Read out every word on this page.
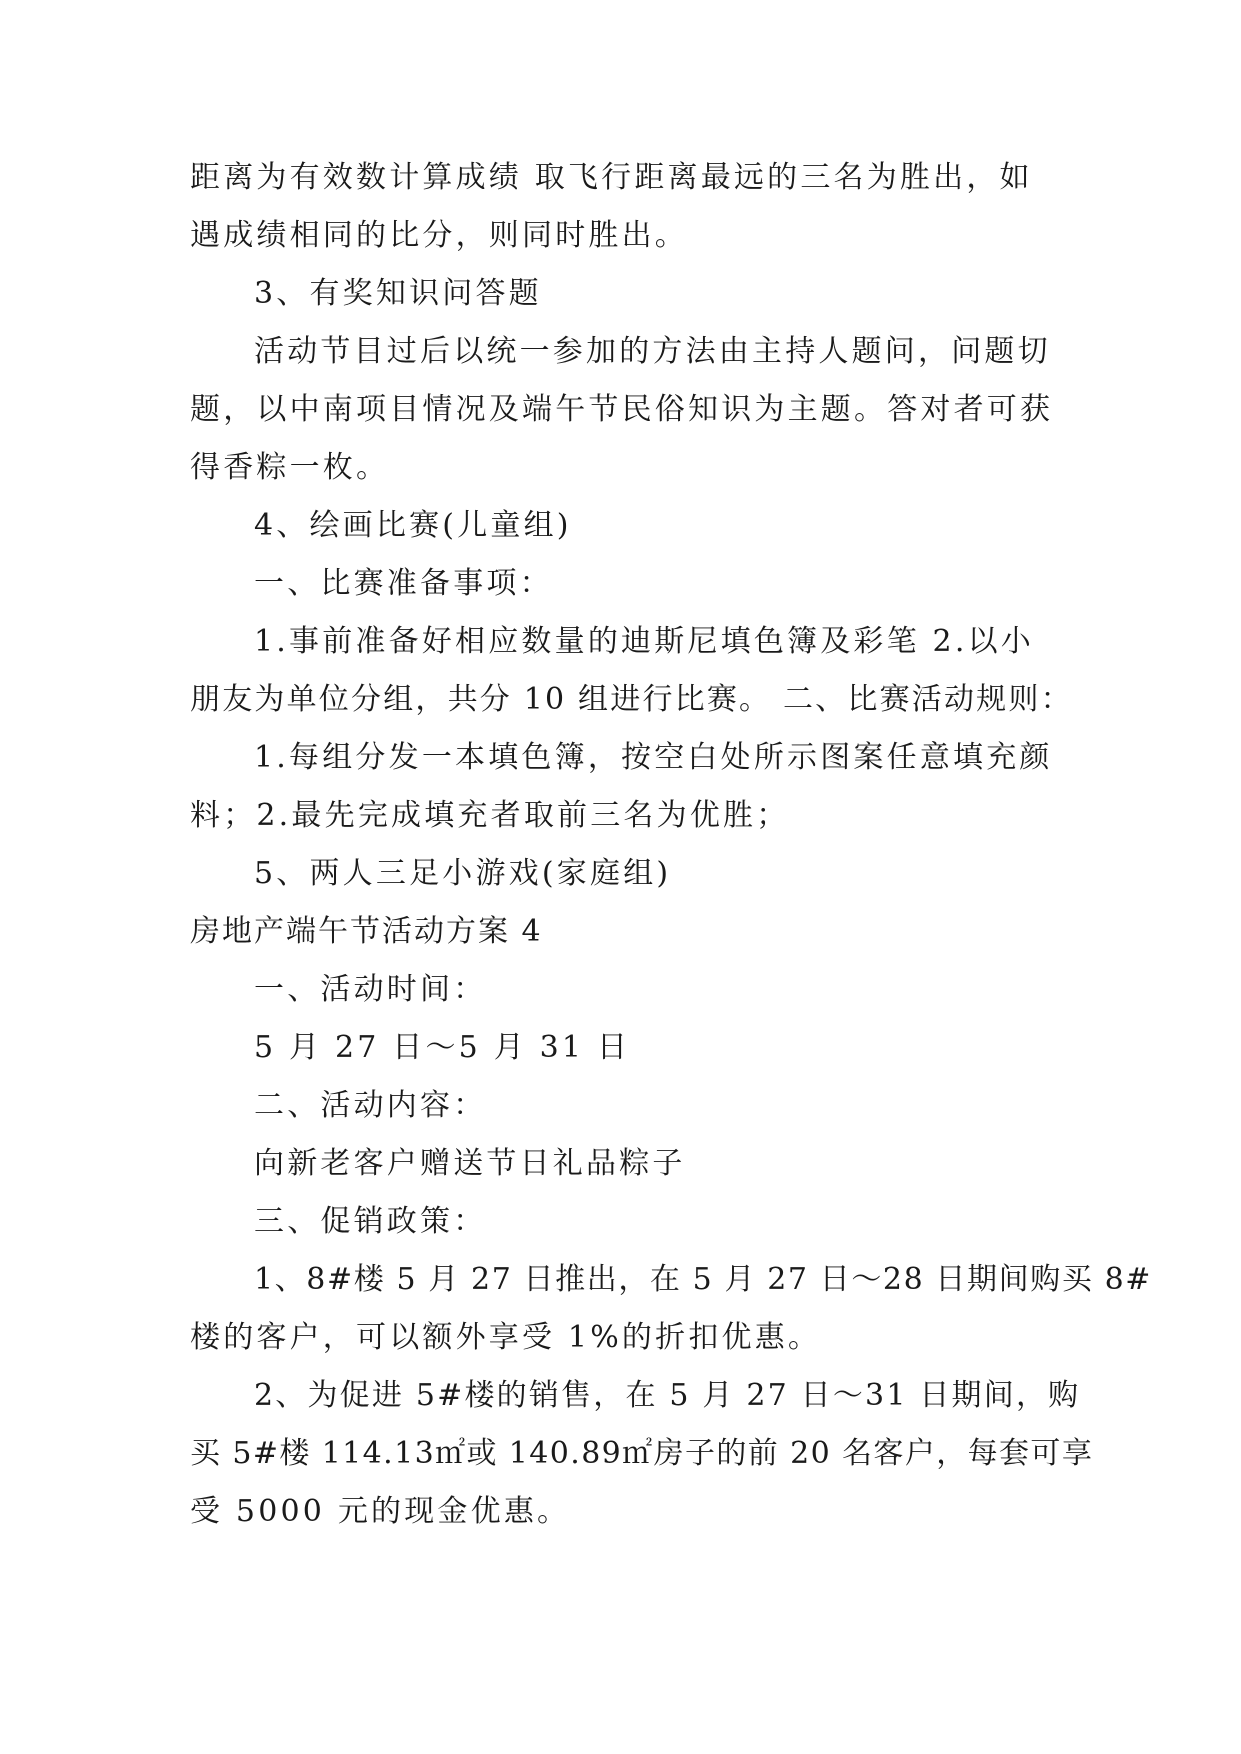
距离为有效数计算成绩 取飞行距离最远的三名为胜出，如
遇成绩相同的比分，则同时胜出。
3、有奖知识问答题
活动节目过后以统一参加的方法由主持人题问，问题切
题，以中南项目情况及端午节民俗知识为主题。答对者可获
得香粽一枚。
4、绘画比赛(儿童组)
一、比赛准备事项：
1.事前准备好相应数量的迪斯尼填色簿及彩笔 2.以小
朋友为单位分组，共分 10 组进行比赛。 二、比赛活动规则：
1.每组分发一本填色簿，按空白处所示图案任意填充颜
料；2.最先完成填充者取前三名为优胜；
5、两人三足小游戏(家庭组)
房地产端午节活动方案 4
一、活动时间：
5 月 27 日～5 月 31 日
二、活动内容：
向新老客户赠送节日礼品粽子
三、促销政策：
1、8#楼 5 月 27 日推出，在 5 月 27 日～28 日期间购买 8#
楼的客户，可以额外享受 1%的折扣优惠。
2、为促进 5#楼的销售，在 5 月 27 日～31 日期间，购
买 5#楼 114.13㎡或 140.89㎡房子的前 20 名客户，每套可享
受 5000 元的现金优惠。
